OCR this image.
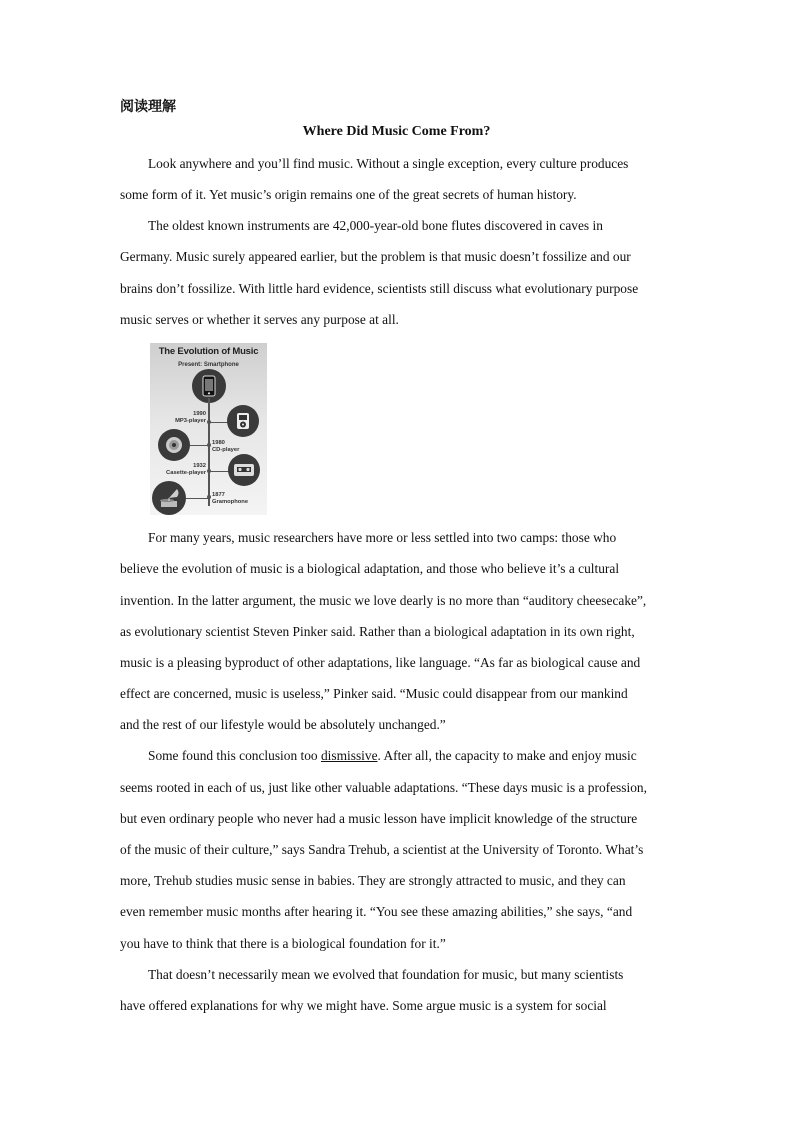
阅读理解
Where Did Music Come From?
Look anywhere and you’ll find music. Without a single exception, every culture produces
some form of it. Yet music’s origin remains one of the great secrets of human history.
The oldest known instruments are 42,000-year-old bone flutes discovered in caves in
Germany. Music surely appeared earlier, but the problem is that music doesn’t fossilize and our
brains don’t fossilize. With little hard evidence, scientists still discuss what evolutionary purpose
music serves or whether it serves any purpose at all.
The Evolution of Music
Present: Smartphone
1990
MP3-player
1980
CD-player
1932
Casette-player
1877
Gramophone
For many years, music researchers have more or less settled into two camps: those who
believe the evolution of music is a biological adaptation, and those who believe it’s a cultural
invention. In the latter argument, the music we love dearly is no more than “auditory cheesecake”,
as evolutionary scientist Steven Pinker said. Rather than a biological adaptation in its own right,
music is a pleasing byproduct of other adaptations, like language. “As far as biological cause and
effect are concerned, music is useless,” Pinker said. “Music could disappear from our mankind
and the rest of our lifestyle would be absolutely unchanged.”
Some found this conclusion too dismissive. After all, the capacity to make and enjoy music
seems rooted in each of us, just like other valuable adaptations. “These days music is a profession,
but even ordinary people who never had a music lesson have implicit knowledge of the structure
of the music of their culture,” says Sandra Trehub, a scientist at the University of Toronto. What’s
more, Trehub studies music sense in babies. They are strongly attracted to music, and they can
even remember music months after hearing it. “You see these amazing abilities,” she says, “and
you have to think that there is a biological foundation for it.”
That doesn’t necessarily mean we evolved that foundation for music, but many scientists
have offered explanations for why we might have. Some argue music is a system for social
